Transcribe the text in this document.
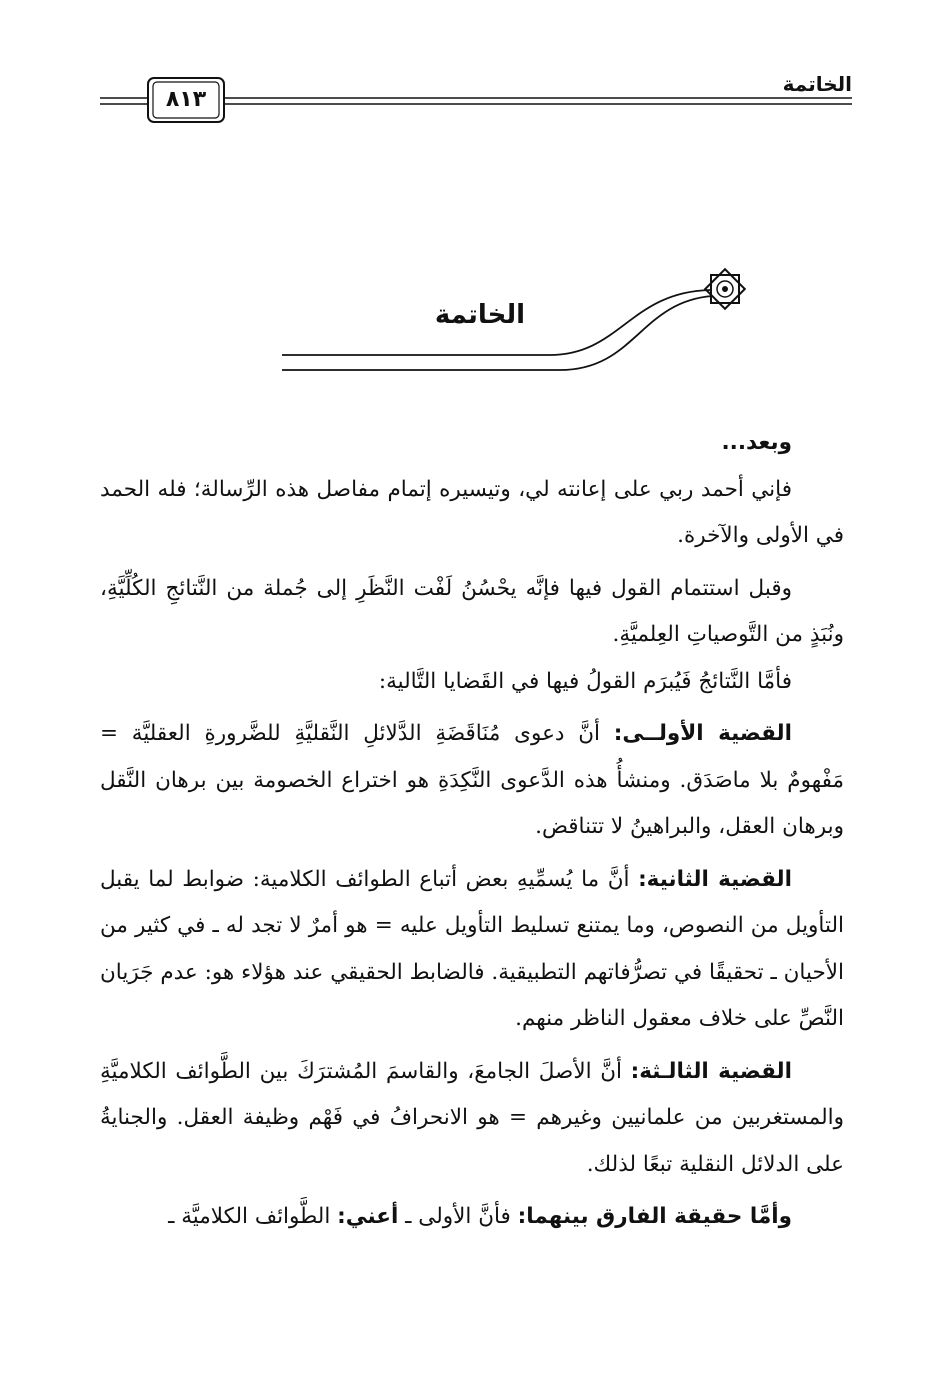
الخاتمة
٨١٣
الخاتمة

وبعد...

فإني أحمد ربي على إعانته لي، وتيسيره إتمام مفاصل هذه الرِّسالة؛ فله الحمد في الأولى والآخرة.

وقبل استتمام القول فيها فإنَّه يحْسُنُ لَفْت النَّظَرِ إلى جُملة من النَّتائجِ الكُلِّيَّةِ، ونُبَذٍ من التَّوصياتِ العِلميَّةِ.

فأمَّا النَّتائجُ فَيُبرَم القولُ فيها في القَضايا التَّالية:

القضية الأولــى: أنَّ دعوى مُنَاقَضَةِ الدَّلائلِ النَّقليَّةِ للضَّرورةِ العقليَّة = مَفْهومٌ بلا ماصَدَق. ومنشأُ هذه الدَّعوى النَّكِدَةِ هو اختراع الخصومة بين برهان النَّقل وبرهان العقل، والبراهينُ لا تتناقض.

القضية الثانية: أنَّ ما يُسمِّيهِ بعض أتباع الطوائف الكلامية: ضوابط لما يقبل التأويل من النصوص، وما يمتنع تسليط التأويل عليه = هو أمرٌ لا تجد له ـ في كثير من الأحيان ـ تحقيقًا في تصرُّفاتهم التطبيقية. فالضابط الحقيقي عند هؤلاء هو: عدم جَرَيان النَّصِّ على خلاف معقول الناظر منهم.

القضية الثالـثة: أنَّ الأصلَ الجامعَ، والقاسمَ المُشترَكَ بين الطَّوائف الكلاميَّةِ والمستغربين من علمانيين وغيرهم = هو الانحرافُ في فَهْم وظيفة العقل. والجنايةُ على الدلائل النقلية تبعًا لذلك.

وأمَّا حقيقة الفارق بينهما: فأنَّ الأولى ـ أعني: الطَّوائف الكلاميَّة ـ
